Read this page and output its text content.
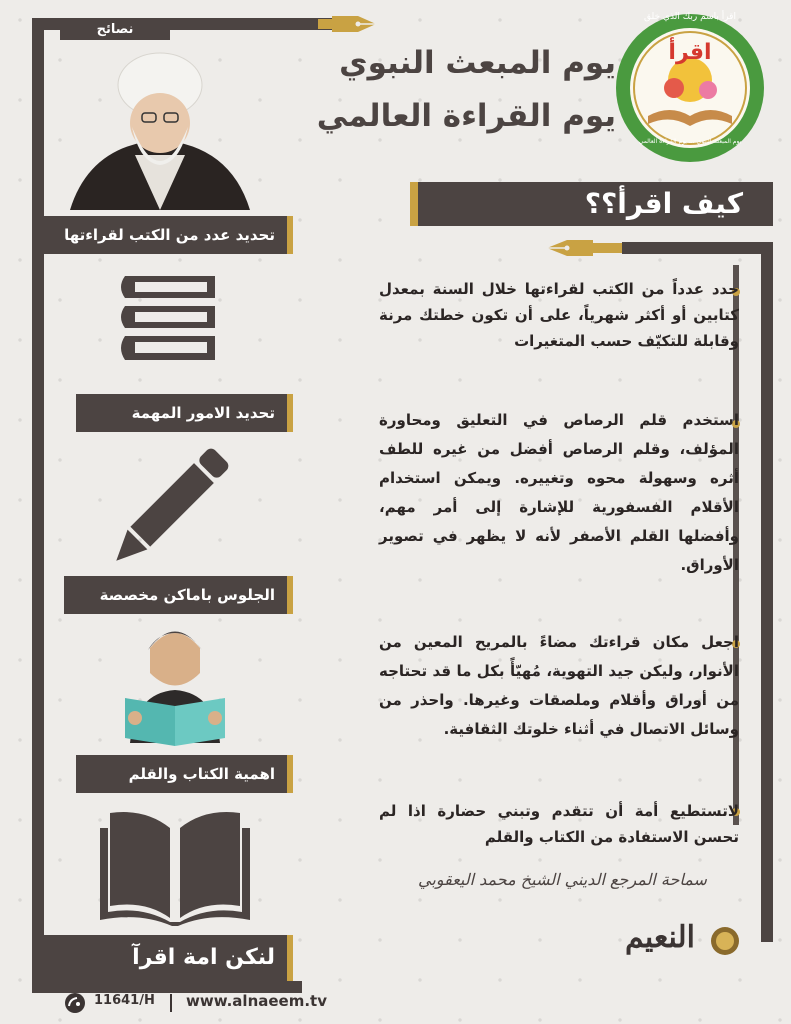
نصائح
تحديد عدد من الكتب لقراءتها
تحديد الامور المهمة
الجلوس باماكن مخصصة
اهمية الكتاب والقلم
لنكن امة اقرآ
يوم المبعث النبوي
يوم القراءة العالمي
اقرأ
اقرأ باسم ربك الذي خلق
يوم المبعث النبوي ... يوم القراءة العالمي
كيف اقرأ؟؟
حدد عدداً من الكتب لقراءتها خلال السنة بمعدل كتابين أو أكثر شهرياً، على أن تكون خطتك مرنة وقابلة للتكيّف حسب المتغيرات
استخدم قلم الرصاص في التعليق ومحاورة المؤلف، وقلم الرصاص أفضل من غيره للطف أثره وسهولة محوه وتغييره. ويمكن استخدام الأقلام الفسفورية للإشارة إلى أمر مهم، وأفضلها القلم الأصفر لأنه لا يظهر في تصوير الأوراق.
اجعل مكان قراءتك مضاءً بالمريح المعين من الأنوار، وليكن جيد التهوية، مُهيّأً بكل ما قد تحتاجه من أوراق وأقلام وملصقات وغيرها. واحذر من وسائل الاتصال في أثناء خلوتك الثقافية.
لاتستطيع أمة أن تتقدم وتبني حضارة اذا لم تحسن الاستفادة من الكتاب والقلم
سماحة المرجع الديني الشيخ محمد اليعقوبي
النعيم
11641/H www.alnaeem.tv
